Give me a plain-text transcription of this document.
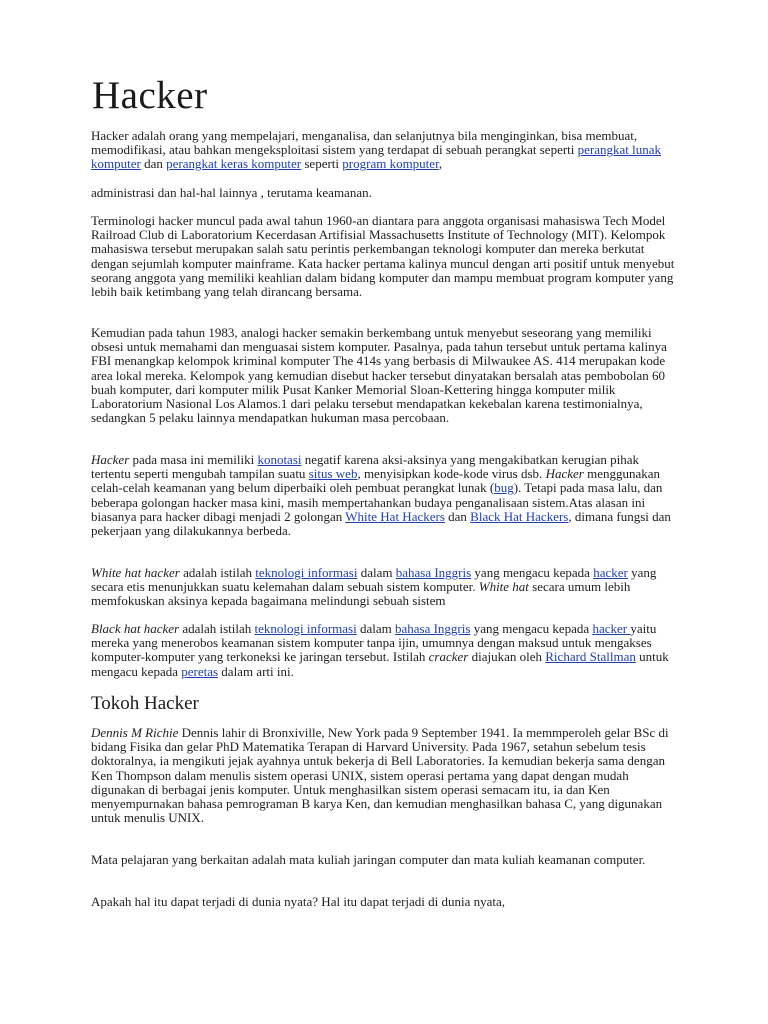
Hacker

Hacker adalah orang yang mempelajari, menganalisa, dan selanjutnya bila menginginkan, bisa membuat, memodifikasi, atau bahkan mengeksploitasi sistem yang terdapat di sebuah perangkat seperti perangkat lunak komputer dan perangkat keras komputer seperti program komputer,

administrasi dan hal-hal lainnya , terutama keamanan.

Terminologi hacker muncul pada awal tahun 1960-an diantara para anggota organisasi mahasiswa Tech Model Railroad Club di Laboratorium Kecerdasan Artifisial Massachusetts Institute of Technology (MIT). Kelompok mahasiswa tersebut merupakan salah satu perintis perkembangan teknologi komputer dan mereka berkutat dengan sejumlah komputer mainframe. Kata hacker pertama kalinya muncul dengan arti positif untuk menyebut seorang anggota yang memiliki keahlian dalam bidang komputer dan mampu membuat program komputer yang lebih baik ketimbang yang telah dirancang bersama.

Kemudian pada tahun 1983, analogi hacker semakin berkembang untuk menyebut seseorang yang memiliki obsesi untuk memahami dan menguasai sistem komputer. Pasalnya, pada tahun tersebut untuk pertama kalinya FBI menangkap kelompok kriminal komputer The 414s yang berbasis di Milwaukee AS. 414 merupakan kode area lokal mereka. Kelompok yang kemudian disebut hacker tersebut dinyatakan bersalah atas pembobolan 60 buah komputer, dari komputer milik Pusat Kanker Memorial Sloan-Kettering hingga komputer milik Laboratorium Nasional Los Alamos.1 dari pelaku tersebut mendapatkan kekebalan karena testimonialnya, sedangkan 5 pelaku lainnya mendapatkan hukuman masa percobaan.

Hacker pada masa ini memiliki konotasi negatif karena aksi-aksinya yang mengakibatkan kerugian pihak tertentu seperti mengubah tampilan suatu situs web, menyisipkan kode-kode virus dsb. Hacker menggunakan celah-celah keamanan yang belum diperbaiki oleh pembuat perangkat lunak (bug). Tetapi pada masa lalu, dan beberapa golongan hacker masa kini, masih mempertahankan budaya penganalisaan sistem.Atas alasan ini biasanya para hacker dibagi menjadi 2 golongan White Hat Hackers dan Black Hat Hackers, dimana fungsi dan pekerjaan yang dilakukannya berbeda.

White hat hacker adalah istilah teknologi informasi dalam bahasa Inggris yang mengacu kepada hacker yang secara etis menunjukkan suatu kelemahan dalam sebuah sistem komputer. White hat secara umum lebih memfokuskan aksinya kepada bagaimana melindungi sebuah sistem

Black hat hacker adalah istilah teknologi informasi dalam bahasa Inggris yang mengacu kepada hacker yaitu mereka yang menerobos keamanan sistem komputer tanpa ijin, umumnya dengan maksud untuk mengakses komputer-komputer yang terkoneksi ke jaringan tersebut. Istilah cracker diajukan oleh Richard Stallman untuk mengacu kepada peretas dalam arti ini.

Tokoh Hacker

Dennis M Richie Dennis lahir di Bronxiville, New York pada 9 September 1941. Ia memmperoleh gelar BSc di bidang Fisika dan gelar PhD Matematika Terapan di Harvard University. Pada 1967, setahun sebelum tesis doktoralnya, ia mengikuti jejak ayahnya untuk bekerja di Bell Laboratories. Ia kemudian bekerja sama dengan Ken Thompson dalam menulis sistem operasi UNIX, sistem operasi pertama yang dapat dengan mudah digunakan di berbagai jenis komputer. Untuk menghasilkan sistem operasi semacam itu, ia dan Ken menyempurnakan bahasa pemrograman B karya Ken, dan kemudian menghasilkan bahasa C, yang digunakan untuk menulis UNIX.

Mata pelajaran yang berkaitan adalah mata kuliah jaringan computer dan mata kuliah keamanan computer.

Apakah hal itu dapat terjadi di dunia nyata? Hal itu dapat terjadi di dunia nyata,
